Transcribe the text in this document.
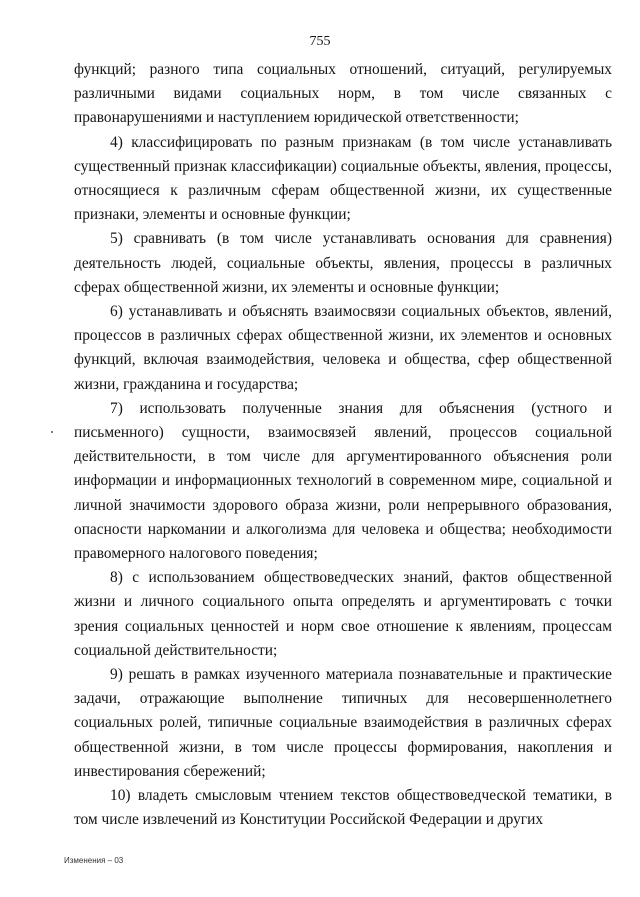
755

функций; разного типа социальных отношений, ситуаций, регулируемых различными видами социальных норм, в том числе связанных с правонарушениями и наступлением юридической ответственности;

4) классифицировать по разным признакам (в том числе устанавливать существенный признак классификации) социальные объекты, явления, процессы, относящиеся к различным сферам общественной жизни, их существенные признаки, элементы и основные функции;

5) сравнивать (в том числе устанавливать основания для сравнения) деятельность людей, социальные объекты, явления, процессы в различных сферах общественной жизни, их элементы и основные функции;

6) устанавливать и объяснять взаимосвязи социальных объектов, явлений, процессов в различных сферах общественной жизни, их элементов и основных функций, включая взаимодействия, человека и общества, сфер общественной жизни, гражданина и государства;

7) использовать полученные знания для объяснения (устного и письменного) сущности, взаимосвязей явлений, процессов социальной действительности, в том числе для аргументированного объяснения роли информации и информационных технологий в современном мире, социальной и личной значимости здорового образа жизни, роли непрерывного образования, опасности наркомании и алкоголизма для человека и общества; необходимости правомерного налогового поведения;

8) с использованием обществоведческих знаний, фактов общественной жизни и личного социального опыта определять и аргументировать с точки зрения социальных ценностей и норм свое отношение к явлениям, процессам социальной действительности;

9) решать в рамках изученного материала познавательные и практические задачи, отражающие выполнение типичных для несовершеннолетнего социальных ролей, типичные социальные взаимодействия в различных сферах общественной жизни, в том числе процессы формирования, накопления и инвестирования сбережений;

10) владеть смысловым чтением текстов обществоведческой тематики, в том числе извлечений из Конституции Российской Федерации и других

Изменения – 03
